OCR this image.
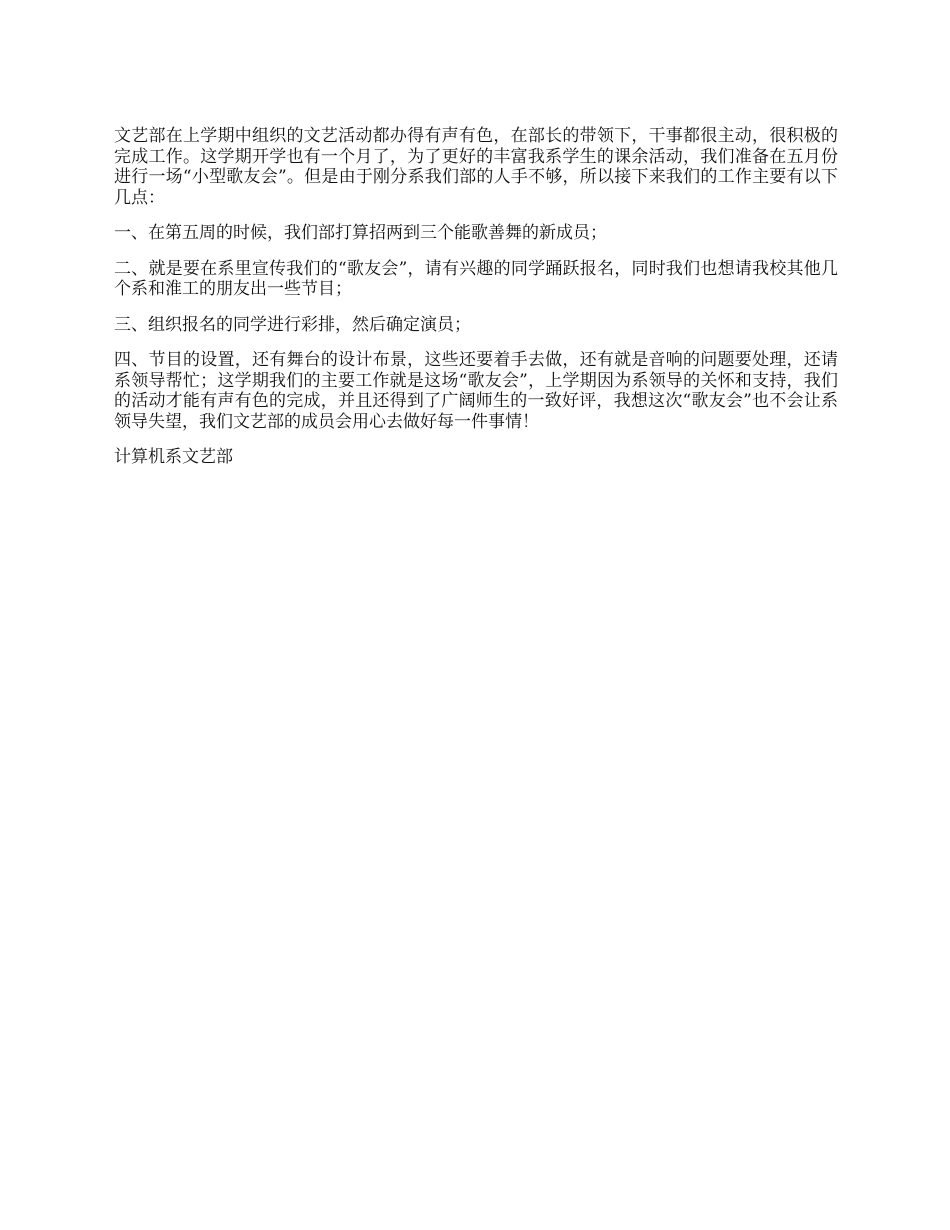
文艺部在上学期中组织的文艺活动都办得有声有色，在部长的带领下，干事都很主动，很积极的完成工作。这学期开学也有一个月了，为了更好的丰富我系学生的课余活动，我们准备在五月份进行一场“小型歌友会”。但是由于刚分系我们部的人手不够，所以接下来我们的工作主要有以下几点：

一、在第五周的时候，我们部打算招两到三个能歌善舞的新成员；

二、就是要在系里宣传我们的“歌友会”，请有兴趣的同学踊跃报名，同时我们也想请我校其他几个系和淮工的朋友出一些节目；

三、组织报名的同学进行彩排，然后确定演员；

四、节目的设置，还有舞台的设计布景，这些还要着手去做，还有就是音响的问题要处理，还请系领导帮忙；这学期我们的主要工作就是这场“歌友会”，上学期因为系领导的关怀和支持，我们的活动才能有声有色的完成，并且还得到了广阔师生的一致好评，我想这次“歌友会”也不会让系领导失望，我们文艺部的成员会用心去做好每一件事情！

计算机系文艺部
